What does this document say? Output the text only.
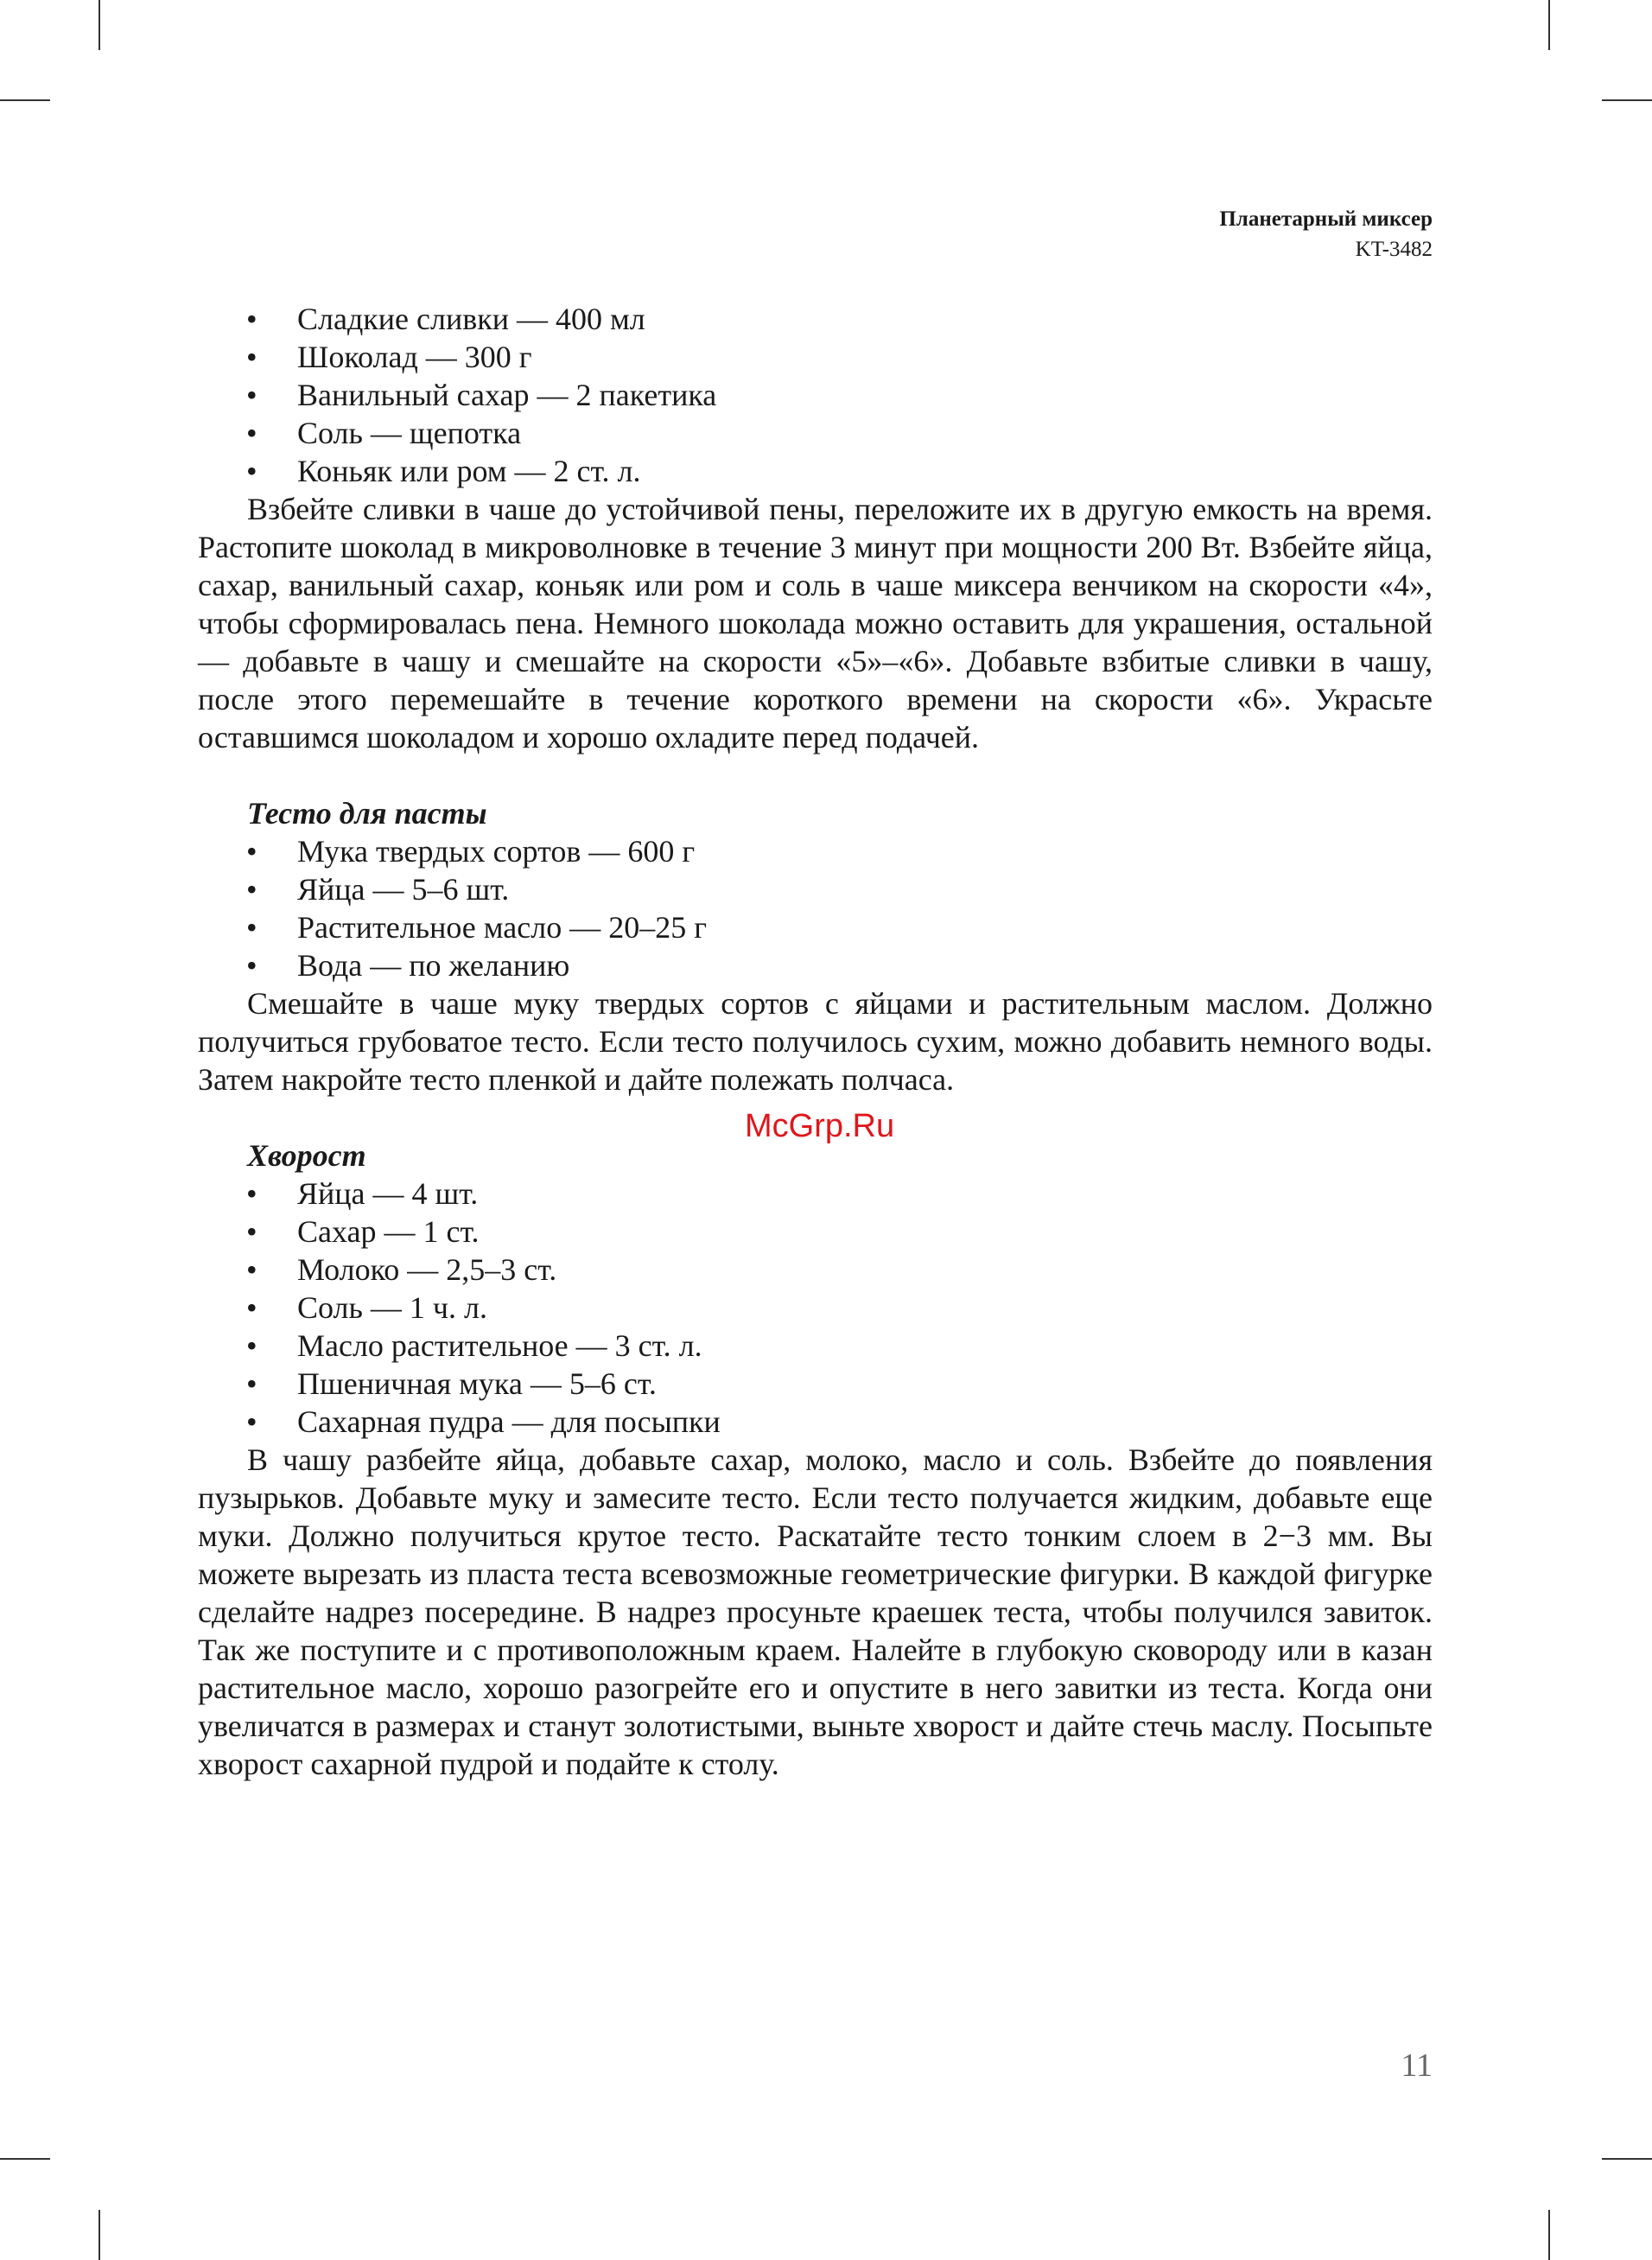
Планетарный миксер
KT-3482
• Сладкие сливки — 400 мл
• Шоколад — 300 г
• Ванильный сахар — 2 пакетика
• Соль — щепотка
• Коньяк или ром — 2 ст. л.

Взбейте сливки в чаше до устойчивой пены, переложите их в другую емкость на время. Растопите шоколад в микроволновке в течение 3 минут при мощности 200 Вт. Взбейте яйца, сахар, ванильный сахар, коньяк или ром и соль в чаше миксера венчиком на скорости «4», чтобы сформировалась пена. Немного шоколада можно оставить для украшения, остальной — добавьте в чашу и смешайте на скорости «5»–«6». Добавьте взбитые сливки в чашу, после этого перемешайте в течение короткого времени на скорости «6». Украсьте оставшимся шоколадом и хорошо охладите перед подачей.

Тесто для пасты
• Мука твердых сортов — 600 г
• Яйца — 5–6 шт.
• Растительное масло — 20–25 г
• Вода — по желанию

Смешайте в чаше муку твердых сортов с яйцами и растительным маслом. Должно получиться грубоватое тесто. Если тесто получилось сухим, можно добавить немного воды. Затем накройте тесто пленкой и дайте полежать полчаса.

Хворост
• Яйца — 4 шт.
• Сахар — 1 ст.
• Молоко — 2,5–3 ст.
• Соль — 1 ч. л.
• Масло растительное — 3 ст. л.
• Пшеничная мука — 5–6 ст.
• Сахарная пудра — для посыпки

В чашу разбейте яйца, добавьте сахар, молоко, масло и соль. Взбейте до появления пузырьков. Добавьте муку и замесите тесто. Если тесто получается жидким, добавьте еще муки. Должно получиться крутое тесто. Раскатайте тесто тонким слоем в 2−3 мм. Вы можете вырезать из пласта теста всевозможные геометрические фигурки. В каждой фигурке сделайте надрез посередине. В надрез просуньте краешек теста, чтобы получился завиток. Так же поступите и с противоположным краем. Налейте в глубокую сковороду или в казан растительное масло, хорошо разогрейте его и опустите в него завитки из теста. Когда они увеличатся в размерах и станут золотистыми, выньте хворост и дайте стечь маслу. Посыпьте хворост сахарной пудрой и подайте к столу.

McGrp.Ru
11
